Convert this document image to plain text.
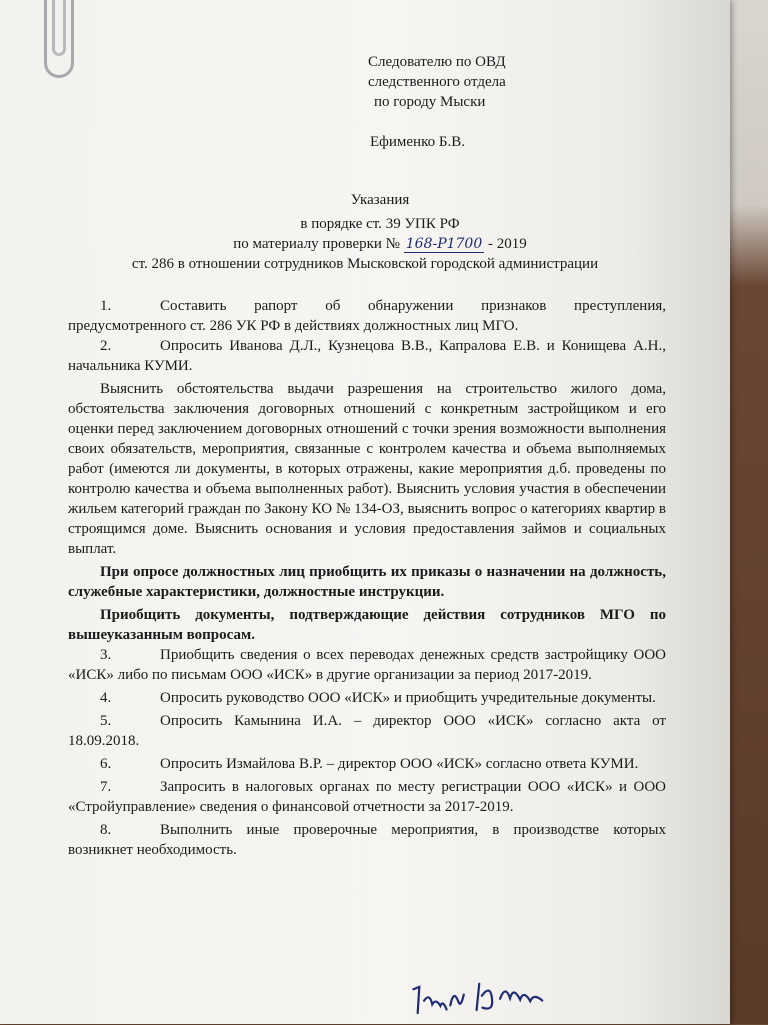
Следователю по ОВД
следственного отдела
по городу Мыски
Ефименко Б.В.
Указания
в порядке ст. 39 УПК РФ
по материалу проверки № 168-Р1700 - 2019
ст. 286 в отношении сотрудников Мысковской городской администрации

1.	Составить рапорт об обнаружении признаков преступления, предусмотренного ст. 286 УК РФ в действиях должностных лиц МГО.

2.	Опросить Иванова Д.Л., Кузнецова В.В., Капралова Е.В. и Конищева А.Н., начальника КУМИ.

Выяснить обстоятельства выдачи разрешения на строительство жилого дома, обстоятельства заключения договорных отношений с конкретным застройщиком и его оценки перед заключением договорных отношений с точки зрения возможности выполнения своих обязательств, мероприятия, связанные с контролем качества и объема выполняемых работ (имеются ли документы, в которых отражены, какие мероприятия д.б. проведены по контролю качества и объема выполненных работ). Выяснить условия участия в обеспечении жильем категорий граждан по Закону КО № 134-ОЗ, выяснить вопрос о категориях квартир в строящимся доме. Выяснить основания и условия предоставления займов и социальных выплат.

При опросе должностных лиц приобщить их приказы о назначении на должность, служебные характеристики, должностные инструкции.

Приобщить документы, подтверждающие действия сотрудников МГО по вышеуказанным вопросам.

3.	Приобщить сведения о всех переводах денежных средств застройщику ООО «ИСК» либо по письмам ООО «ИСК» в другие организации за период 2017-2019.

4.	Опросить руководство ООО «ИСК» и приобщить учредительные документы.

5.	Опросить Камынина И.А. – директор ООО «ИСК» согласно акта от 18.09.2018.

6.	Опросить Измайлова В.Р. – директор ООО «ИСК» согласно ответа КУМИ.

7.	Запросить в налоговых органах по месту регистрации ООО «ИСК» и ООО «Стройуправление» сведения о финансовой отчетности за 2017-2019.

8.	Выполнить иные проверочные мероприятия, в производстве которых возникнет необходимость.
